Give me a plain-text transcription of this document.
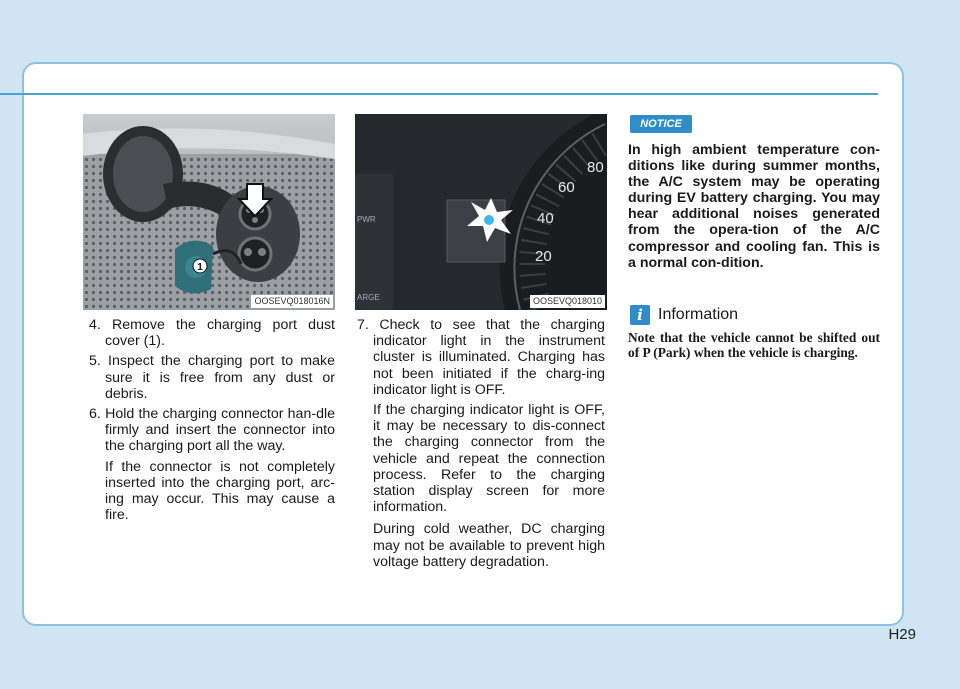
1
OOSEVQ018016N
PWR
ARGE
80
60
40
20
OOSEVQ018010

4. Remove the charging port dust cover (1).

5. Inspect the charging port to make sure it is free from any dust or debris.

6. Hold the charging connector han-dle firmly and insert the connector into the charging port all the way.

If the connector is not completely inserted into the charging port, arc-ing may occur. This may cause a fire.

7. Check to see that the charging indicator light in the instrument cluster is illuminated. Charging has not been initiated if the charg-ing indicator light is OFF.

If the charging indicator light is OFF, it may be necessary to dis-connect the charging connector from the vehicle and repeat the connection process. Refer to the charging station display screen for more information.

During cold weather, DC charging may not be available to prevent high voltage battery degradation.

NOTICE
In high ambient temperature con-ditions like during summer months, the A/C system may be operating during EV battery charging. You may hear additional noises generated from the opera-tion of the A/C compressor and cooling fan. This is a normal con-dition.
i Information
Note that the vehicle cannot be shifted out of P (Park) when the vehicle is charging.
H29
